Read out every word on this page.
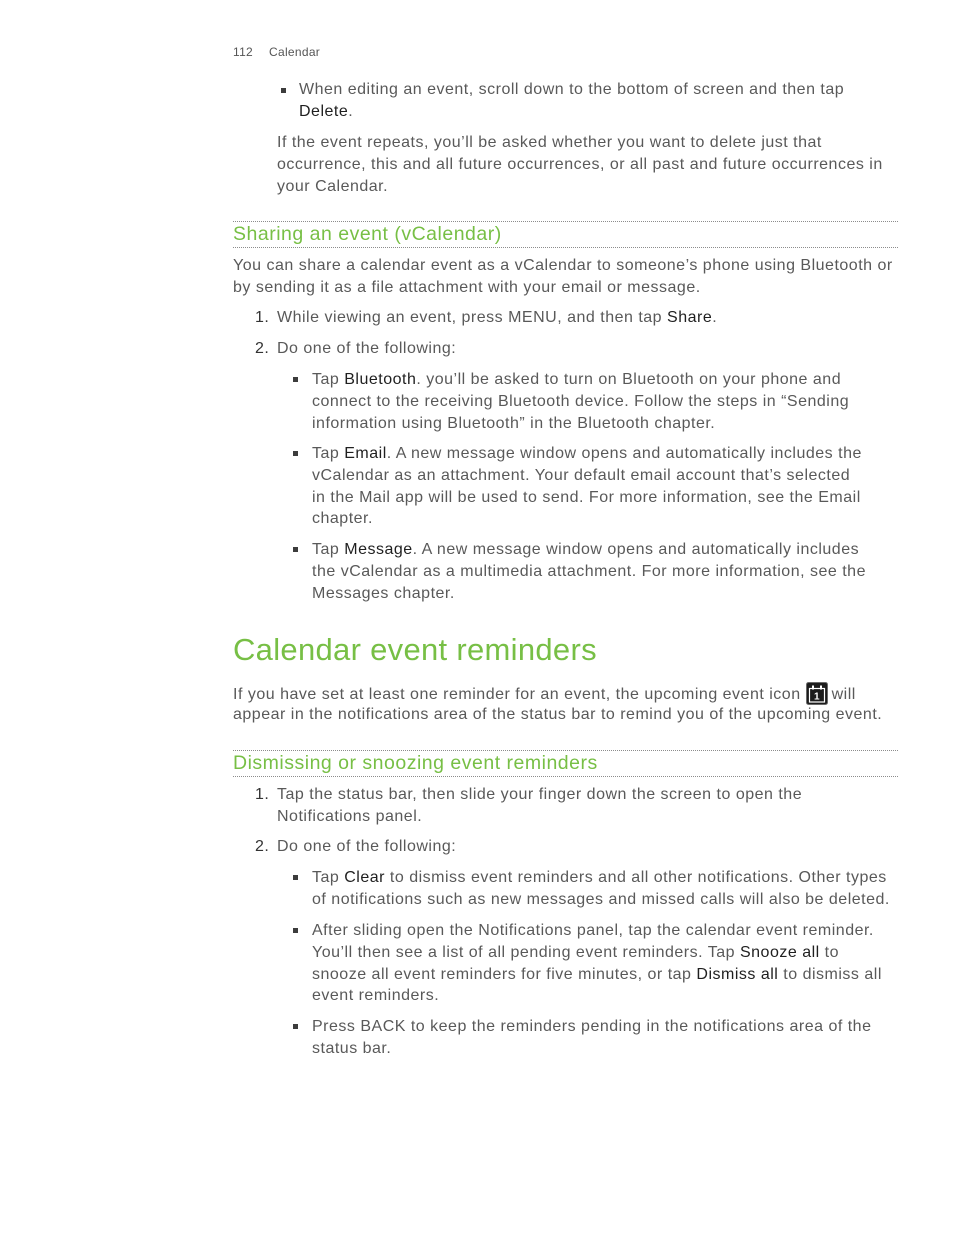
112 Calendar
When editing an event, scroll down to the bottom of screen and then tap
Delete.
If the event repeats, you’ll be asked whether you want to delete just that
occurrence, this and all future occurrences, or all past and future occurrences in
your Calendar.
Sharing an event (vCalendar)
You can share a calendar event as a vCalendar to someone’s phone using Bluetooth or
by sending it as a file attachment with your email or message.
1. While viewing an event, press MENU, and then tap Share.
2. Do one of the following:
Tap Bluetooth. you’ll be asked to turn on Bluetooth on your phone and
connect to the receiving Bluetooth device. Follow the steps in “Sending
information using Bluetooth” in the Bluetooth chapter.
Tap Email. A new message window opens and automatically includes the
vCalendar as an attachment. Your default email account that’s selected
in the Mail app will be used to send. For more information, see the Email
chapter.
Tap Message. A new message window opens and automatically includes
the vCalendar as a multimedia attachment. For more information, see the
Messages chapter.
Calendar event reminders
If you have set at least one reminder for an event, the upcoming event icon 1 will
appear in the notifications area of the status bar to remind you of the upcoming event.
Dismissing or snoozing event reminders
1. Tap the status bar, then slide your finger down the screen to open the
Notifications panel.
2. Do one of the following:
Tap Clear to dismiss event reminders and all other notifications. Other types
of notifications such as new messages and missed calls will also be deleted.
After sliding open the Notifications panel, tap the calendar event reminder.
You’ll then see a list of all pending event reminders. Tap Snooze all to
snooze all event reminders for five minutes, or tap Dismiss all to dismiss all
event reminders.
Press BACK to keep the reminders pending in the notifications area of the
status bar.
